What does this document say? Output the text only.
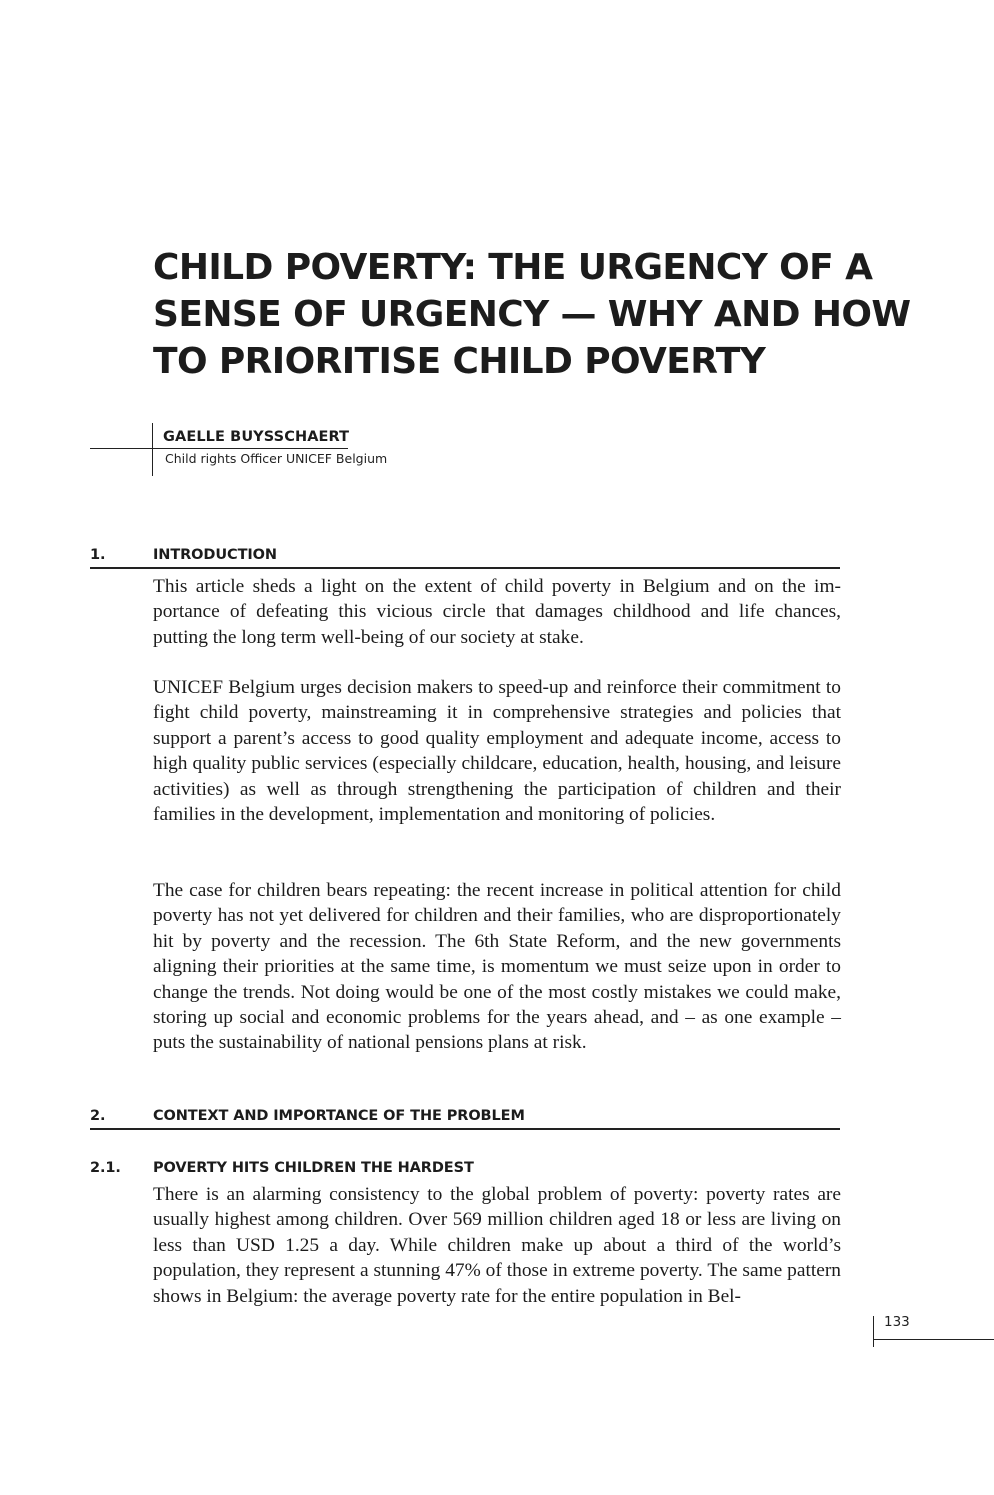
CHILD POVERTY: THE URGENCY OF A
SENSE OF URGENCY — WHY AND HOW
TO PRIORITISE CHILD POVERTY

GAELLE BUYSSCHAERT

Child rights Officer UNICEF Belgium

1.	INTRODUCTION

This article sheds a light on the extent of child poverty in Belgium and on the importance of defeating this vicious circle that damages childhood and life chances, putting the long term well-being of our society at stake.

UNICEF Belgium urges decision makers to speed-up and reinforce their commitment to fight child poverty, mainstreaming it in comprehensive strategies and policies that support a parent’s access to good quality employment and adequate income, access to high quality public services (especially childcare, education, health, housing, and leisure activities) as well as through strengthening the participation of children and their families in the development, implementation and monitoring of policies.

The case for children bears repeating: the recent increase in political attention for child poverty has not yet delivered for children and their families, who are disproportionately hit by poverty and the recession. The 6th State Reform, and the new governments aligning their priorities at the same time, is momentum we must seize upon in order to change the trends. Not doing would be one of the most costly mistakes we could make, storing up social and economic problems for the years ahead, and – as one example – puts the sustainability of national pensions plans at risk.

2.	CONTEXT AND IMPORTANCE OF THE PROBLEM
2.1. POVERTY HITS CHILDREN THE HARDEST

There is an alarming consistency to the global problem of poverty: poverty rates are usually highest among children. Over 569 million children aged 18 or less are living on less than USD 1.25 a day. While children make up about a third of the world’s population, they represent a stunning 47% of those in extreme poverty. The same pattern shows in Belgium: the average poverty rate for the entire population in Bel-

133
